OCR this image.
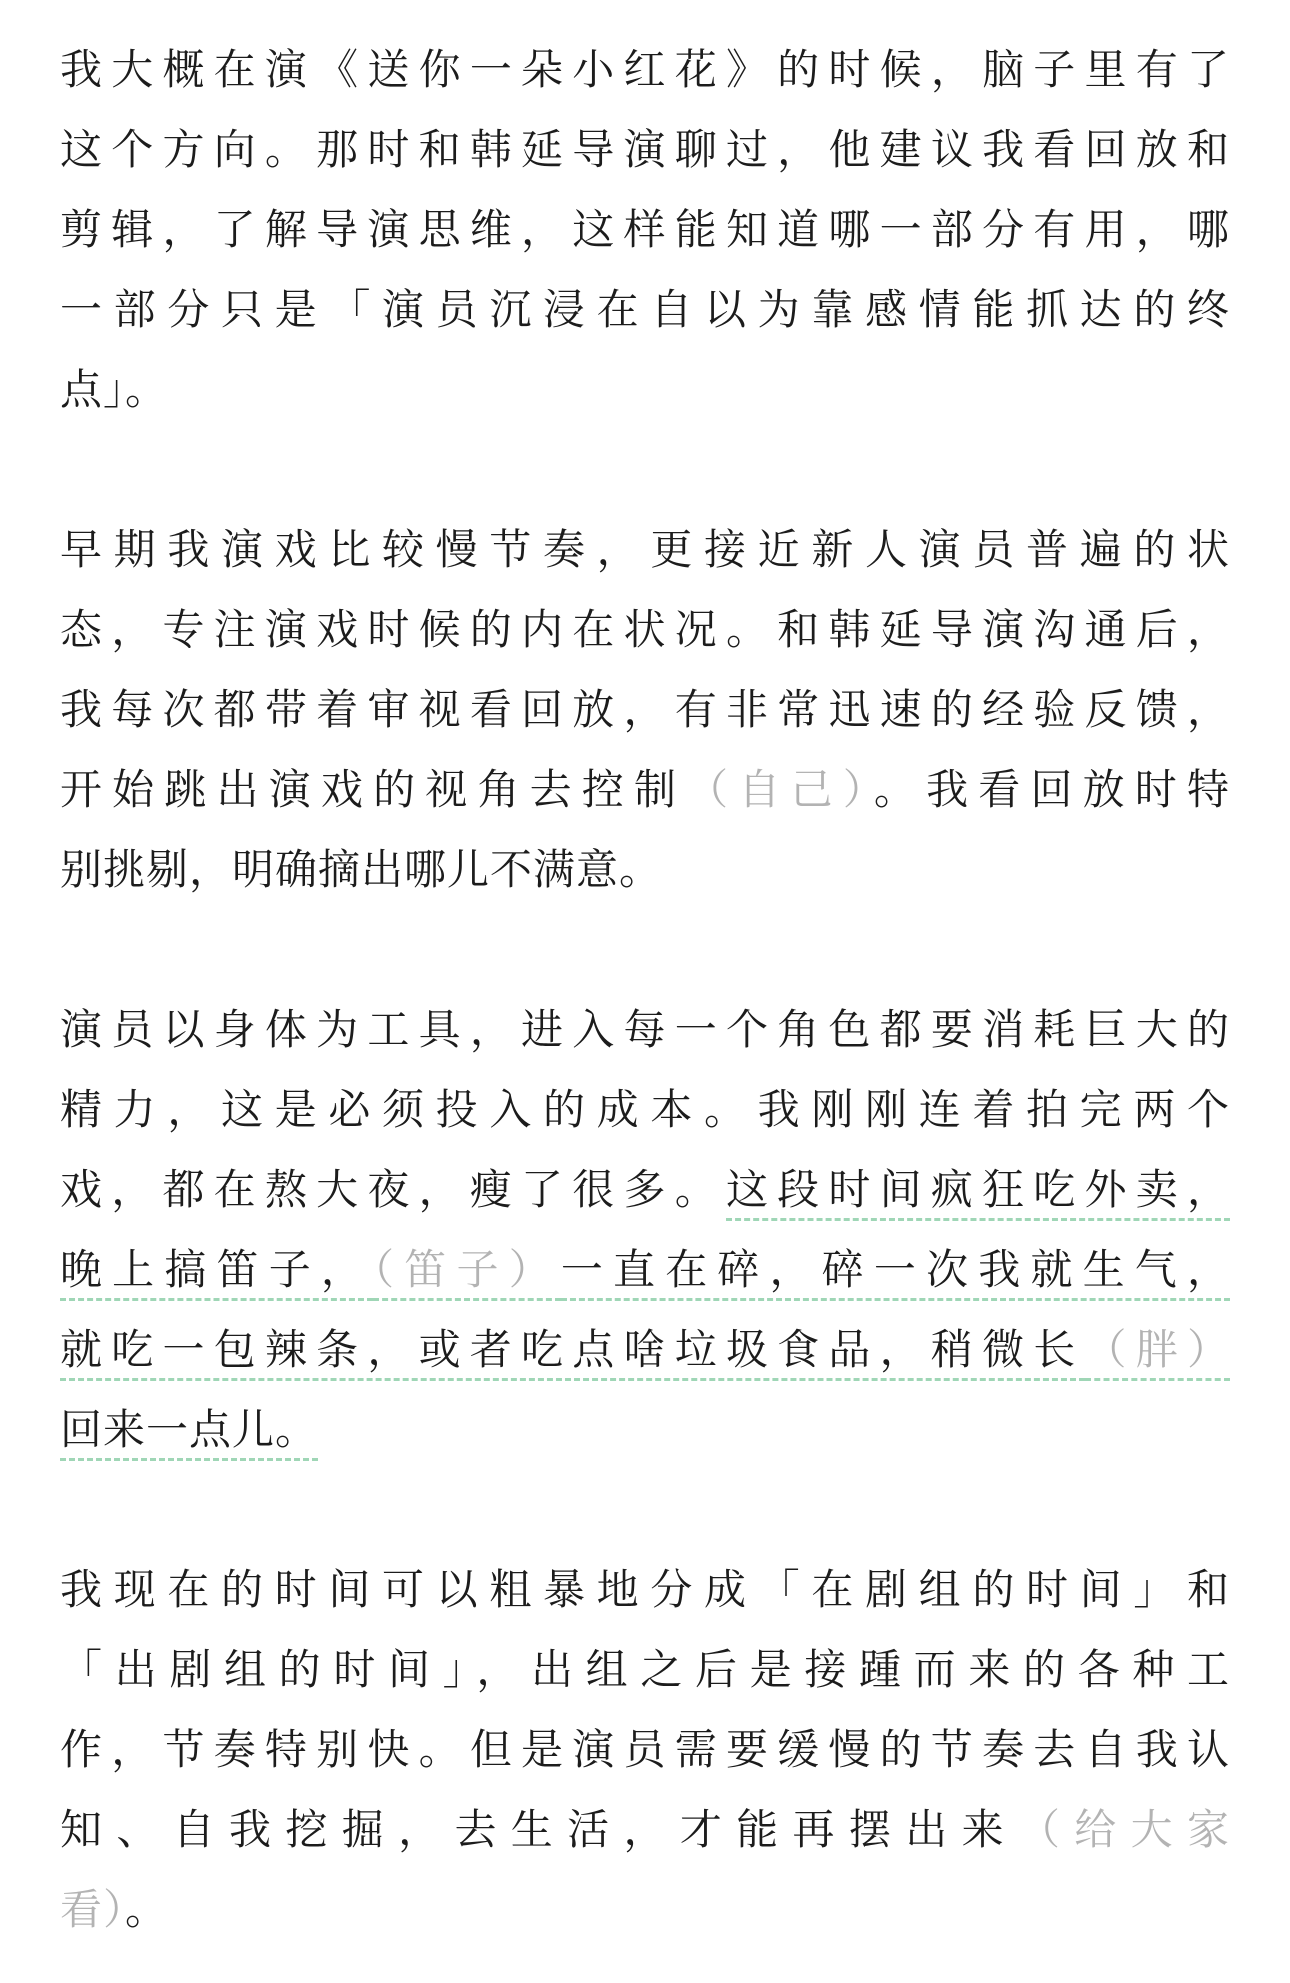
我大概在演《送你一朵小红花》的时候，脑子里有了
这个方向。那时和韩延导演聊过，他建议我看回放和
剪辑，了解导演思维，这样能知道哪一部分有用，哪
一部分只是「演员沉浸在自以为靠感情能抓达的终
点」。
早期我演戏比较慢节奏，更接近新人演员普遍的状
态，专注演戏时候的内在状况。和韩延导演沟通后，
我每次都带着审视看回放，有非常迅速的经验反馈，
开始跳出演戏的视角去控制（自己）。我看回放时特
别挑剔，明确摘出哪儿不满意。
演员以身体为工具，进入每一个角色都要消耗巨大的
精力，这是必须投入的成本。我刚刚连着拍完两个
戏，都在熬大夜，瘦了很多。这段时间疯狂吃外卖，
晚上搞笛子，（笛子）一直在碎，碎一次我就生气，
就吃一包辣条，或者吃点啥垃圾食品，稍微长（胖）
回来一点儿。
我现在的时间可以粗暴地分成「在剧组的时间」和
「出剧组的时间」，出组之后是接踵而来的各种工
作，节奏特别快。但是演员需要缓慢的节奏去自我认
知、自我挖掘，去生活，才能再摆出来（给大家
看）。
